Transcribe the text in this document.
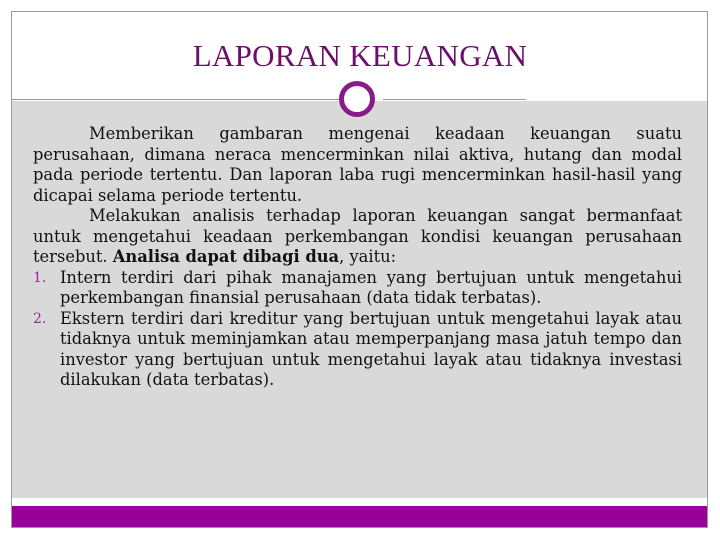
LAPORAN KEUANGAN

Memberikan gambaran mengenai keadaan keuangan suatu perusahaan, dimana neraca mencerminkan nilai aktiva, hutang dan modal pada periode tertentu. Dan laporan laba rugi mencerminkan hasil-hasil yang dicapai selama periode tertentu.

Melakukan analisis terhadap laporan keuangan sangat bermanfaat untuk mengetahui keadaan perkembangan kondisi keuangan perusahaan tersebut. Analisa dapat dibagi dua, yaitu:

1. Intern terdiri dari pihak manajamen yang bertujuan untuk mengetahui perkembangan finansial perusahaan (data tidak terbatas).
2. Ekstern terdiri dari kreditur yang bertujuan untuk mengetahui layak atau tidaknya untuk meminjamkan atau memperpanjang masa jatuh tempo dan investor yang bertujuan untuk mengetahui layak atau tidaknya investasi dilakukan (data terbatas).
